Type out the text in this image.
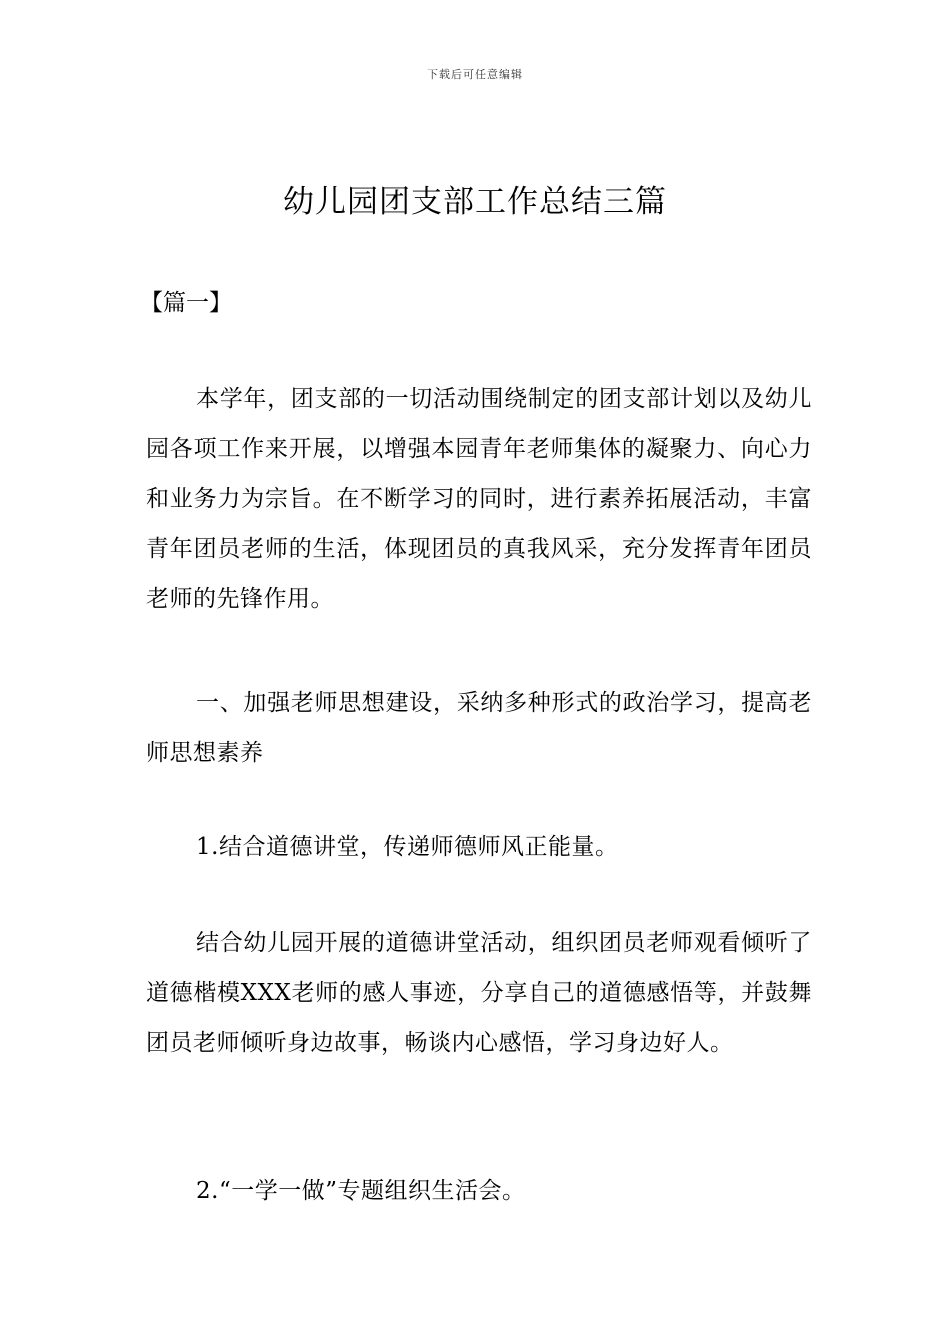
下载后可任意编辑
幼儿园团支部工作总结三篇

【篇一】

本学年，团支部的一切活动围绕制定的团支部计划以及幼儿园各项工作来开展，以增强本园青年老师集体的凝聚力、向心力和业务力为宗旨。在不断学习的同时，进行素养拓展活动，丰富青年团员老师的生活，体现团员的真我风采，充分发挥青年团员老师的先锋作用。

一、加强老师思想建设，采纳多种形式的政治学习，提高老师思想素养

1.结合道德讲堂，传递师德师风正能量。

结合幼儿园开展的道德讲堂活动，组织团员老师观看倾听了道德楷模XXX老师的感人事迹，分享自己的道德感悟等，并鼓舞团员老师倾听身边故事，畅谈内心感悟，学习身边好人。

2.“一学一做”专题组织生活会。
